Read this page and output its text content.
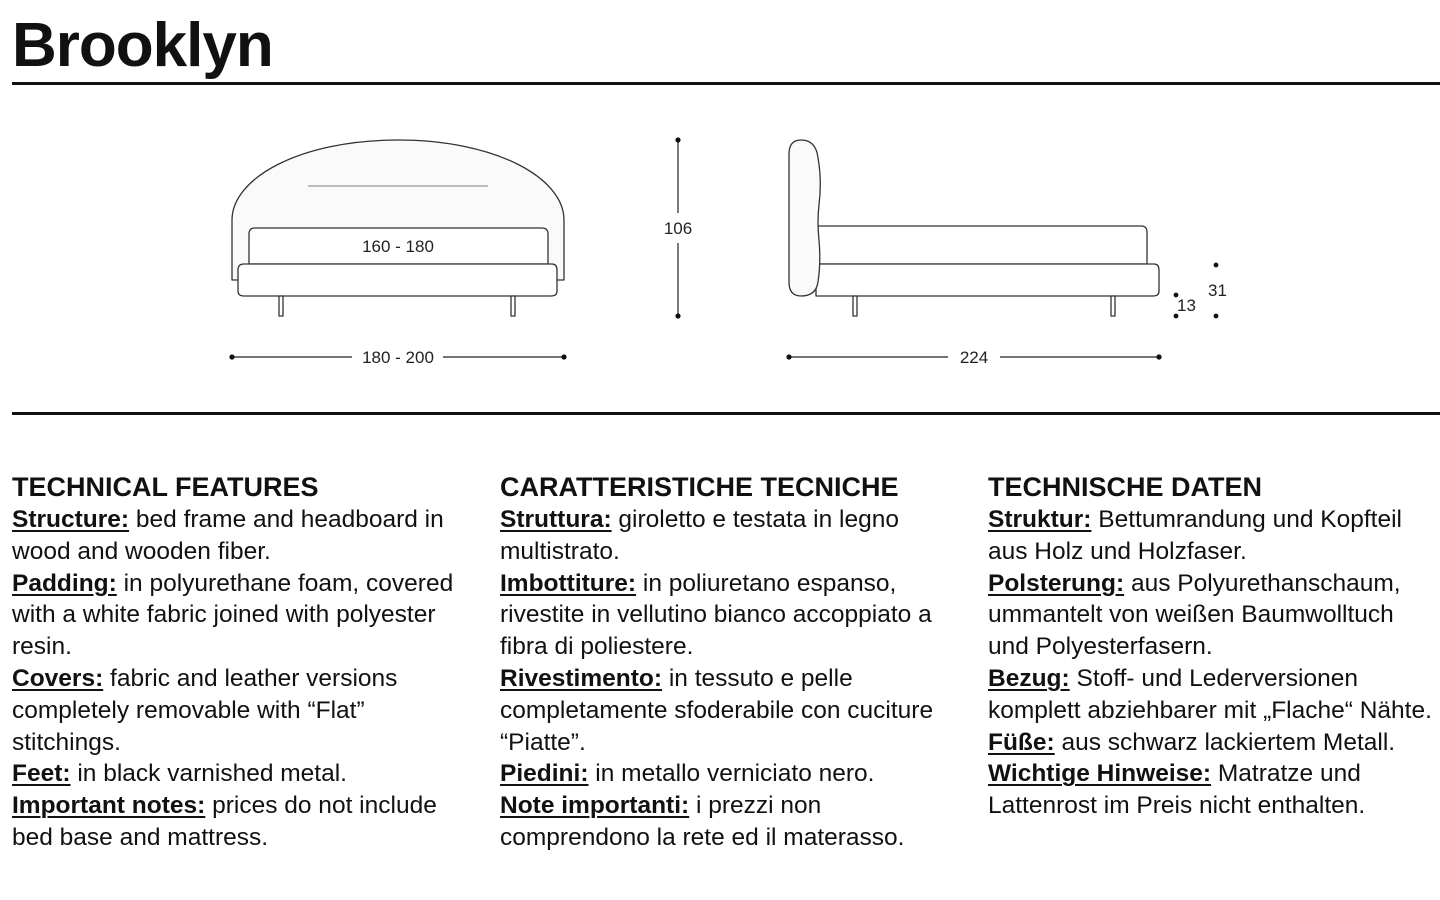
Brooklyn
160 - 180
180 - 200
106
224
31
13
TECHNICAL FEATURES

Structure: bed frame and headboard in wood and wooden fiber.

Padding: in polyurethane foam, covered with a white fabric joined with polyester resin.

Covers: fabric and leather versions completely removable with “Flat” stitchings.

Feet: in black varnished metal.

Important notes: prices do not include bed base and mattress.

CARATTERISTICHE TECNICHE

Struttura: giroletto e testata in legno multistrato.

Imbottiture: in poliuretano espanso, rivestite in vellutino bianco accoppiato a fibra di poliestere.

Rivestimento: in tessuto e pelle completamente sfoderabile con cuciture “Piatte”.

Piedini: in metallo verniciato nero.

Note importanti: i prezzi non comprendono la rete ed il materasso.

TECHNISCHE DATEN

Struktur: Bettumrandung und Kopfteil aus Holz und Holzfaser.

Polsterung: aus Polyurethanschaum, ummantelt von weißen Baumwolltuch und Polyesterfasern.

Bezug: Stoff- und Lederversionen komplett abziehbarer mit „Flache“ Nähte.

Füße: aus schwarz lackiertem Metall.

Wichtige Hinweise: Matratze und Lattenrost im Preis nicht enthalten.
